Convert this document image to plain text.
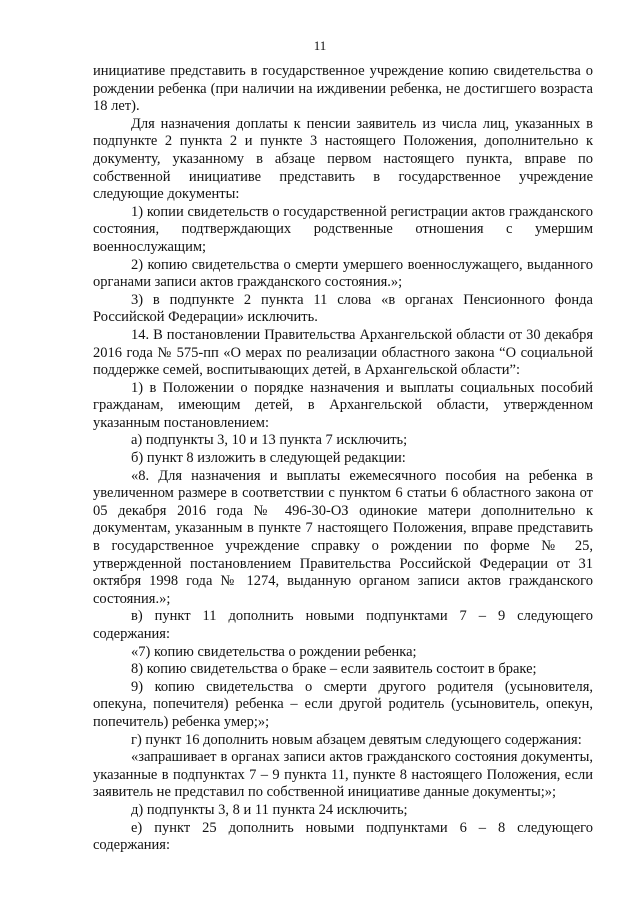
11

инициативе представить в государственное учреждение копию свидетельства о рождении ребенка (при наличии на иждивении ребенка, не достигшего возраста 18 лет).

Для назначения доплаты к пенсии заявитель из числа лиц, указанных в подпункте 2 пункта 2 и пункте 3 настоящего Положения, дополнительно к документу, указанному в абзаце первом настоящего пункта, вправе по собственной инициативе представить в государственное учреждение следующие документы:

1) копии свидетельств о государственной регистрации актов гражданского состояния, подтверждающих родственные отношения с умершим военнослужащим;

2) копию свидетельства о смерти умершего военнослужащего, выданного органами записи актов гражданского состояния.»;

3) в подпункте 2 пункта 11 слова «в органах Пенсионного фонда Российской Федерации» исключить.

14. В постановлении Правительства Архангельской области от 30 декабря 2016 года № 575-пп «О мерах по реализации областного закона “О социальной поддержке семей, воспитывающих детей, в Архангельской области”:

1) в Положении о порядке назначения и выплаты социальных пособий гражданам, имеющим детей, в Архангельской области, утвержденном указанным постановлением:

а) подпункты 3, 10 и 13 пункта 7 исключить;

б) пункт 8 изложить в следующей редакции:

«8. Для назначения и выплаты ежемесячного пособия на ребенка в увеличенном размере в соответствии с пунктом 6 статьи 6 областного закона от 05 декабря 2016 года № 496-30-ОЗ одинокие матери дополнительно к документам, указанным в пункте 7 настоящего Положения, вправе представить в государственное учреждение справку о рождении по форме № 25, утвержденной постановлением Правительства Российской Федерации от 31 октября 1998 года № 1274, выданную органом записи актов гражданского состояния.»;

в) пункт 11 дополнить новыми подпунктами 7 – 9 следующего содержания:

«7) копию свидетельства о рождении ребенка;

8) копию свидетельства о браке – если заявитель состоит в браке;

9) копию свидетельства о смерти другого родителя (усыновителя, опекуна, попечителя) ребенка – если другой родитель (усыновитель, опекун, попечитель) ребенка умер;»;

г) пункт 16 дополнить новым абзацем девятым следующего содержания:

«запрашивает в органах записи актов гражданского состояния документы, указанные в подпунктах 7 – 9 пункта 11, пункте 8 настоящего Положения, если заявитель не представил по собственной инициативе данные документы;»;

д) подпункты 3, 8 и 11 пункта 24 исключить;

е) пункт 25 дополнить новыми подпунктами 6 – 8 следующего содержания:
